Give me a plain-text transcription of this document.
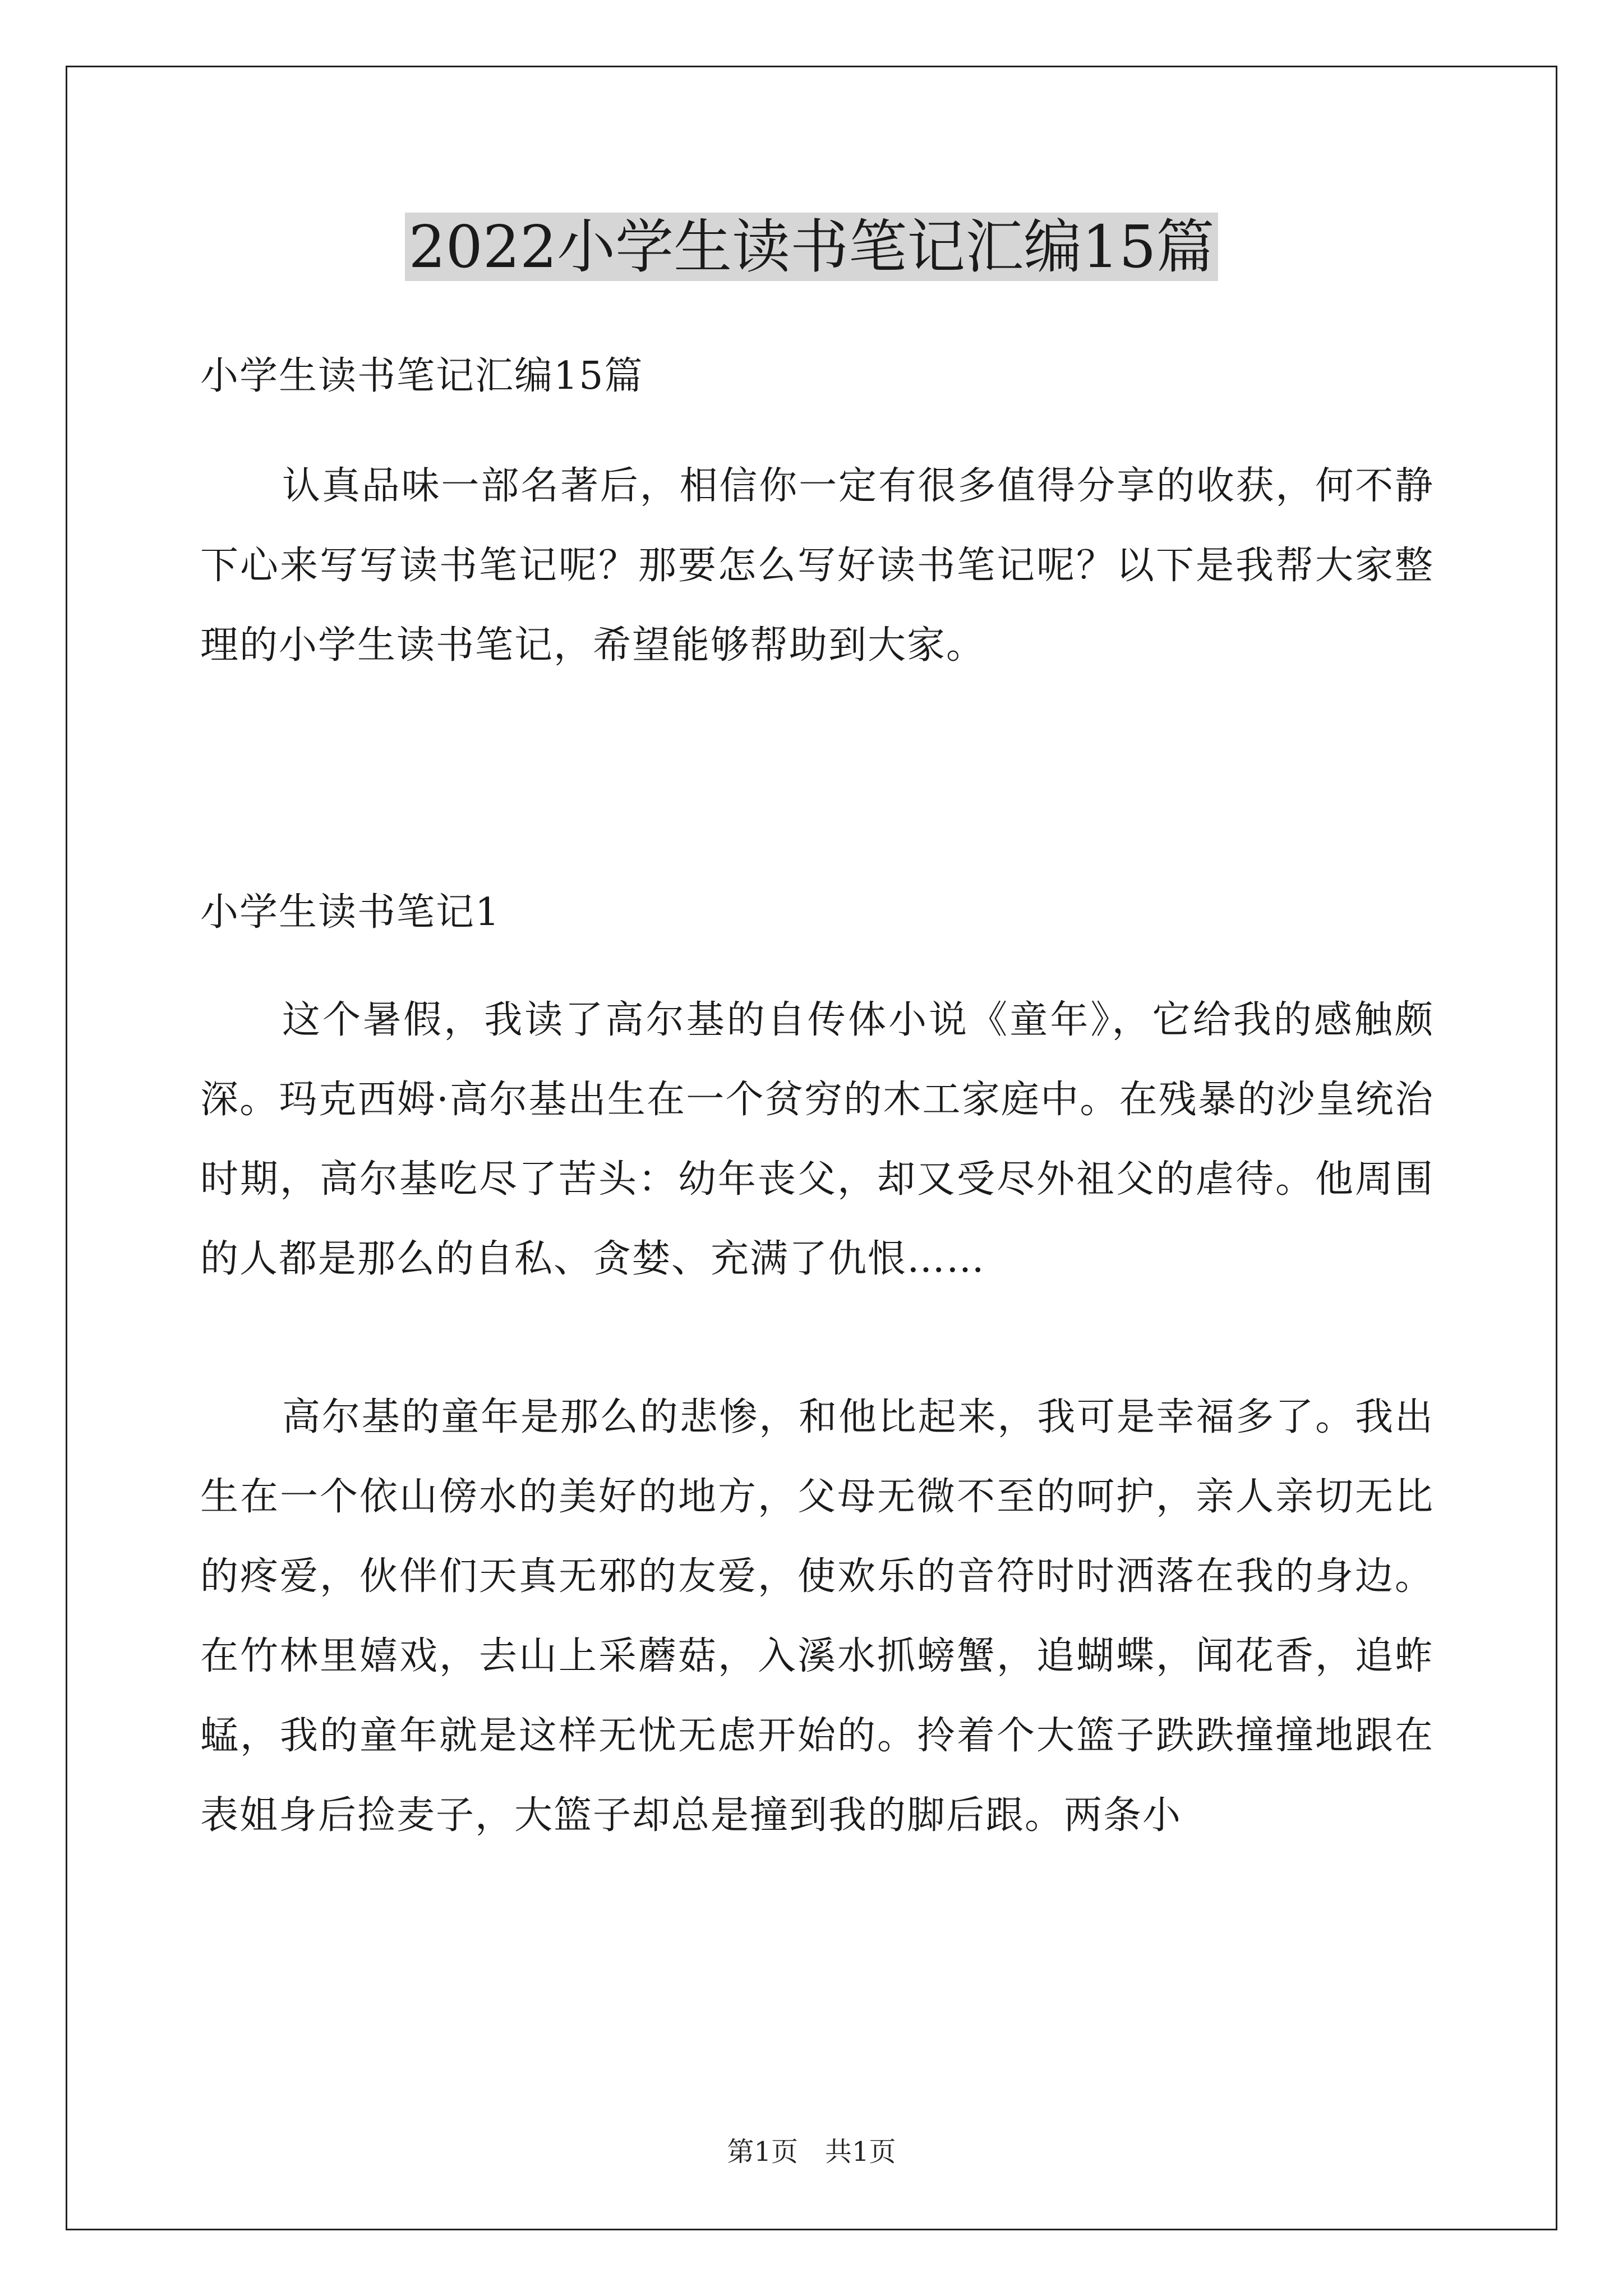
2022小学生读书笔记汇编15篇

小学生读书笔记汇编15篇

认真品味一部名著后，相信你一定有很多值得分享的收获，何不静下心来写写读书笔记呢？那要怎么写好读书笔记呢？以下是我帮大家整理的小学生读书笔记，希望能够帮助到大家。

小学生读书笔记1

这个暑假，我读了高尔基的自传体小说《童年》，它给我的感触颇深。玛克西姆·高尔基出生在一个贫穷的木工家庭中。在残暴的沙皇统治时期，高尔基吃尽了苦头：幼年丧父，却又受尽外祖父的虐待。他周围的人都是那么的自私、贪婪、充满了仇恨……

高尔基的童年是那么的悲惨，和他比起来，我可是幸福多了。我出生在一个依山傍水的美好的地方，父母无微不至的呵护，亲人亲切无比的疼爱，伙伴们天真无邪的友爱，使欢乐的音符时时洒落在我的身边。在竹林里嬉戏，去山上采蘑菇，入溪水抓螃蟹，追蝴蝶，闻花香，追蚱蜢，我的童年就是这样无忧无虑开始的。拎着个大篮子跌跌撞撞地跟在表姐身后捡麦子，大篮子却总是撞到我的脚后跟。两条小

第1页 共1页
